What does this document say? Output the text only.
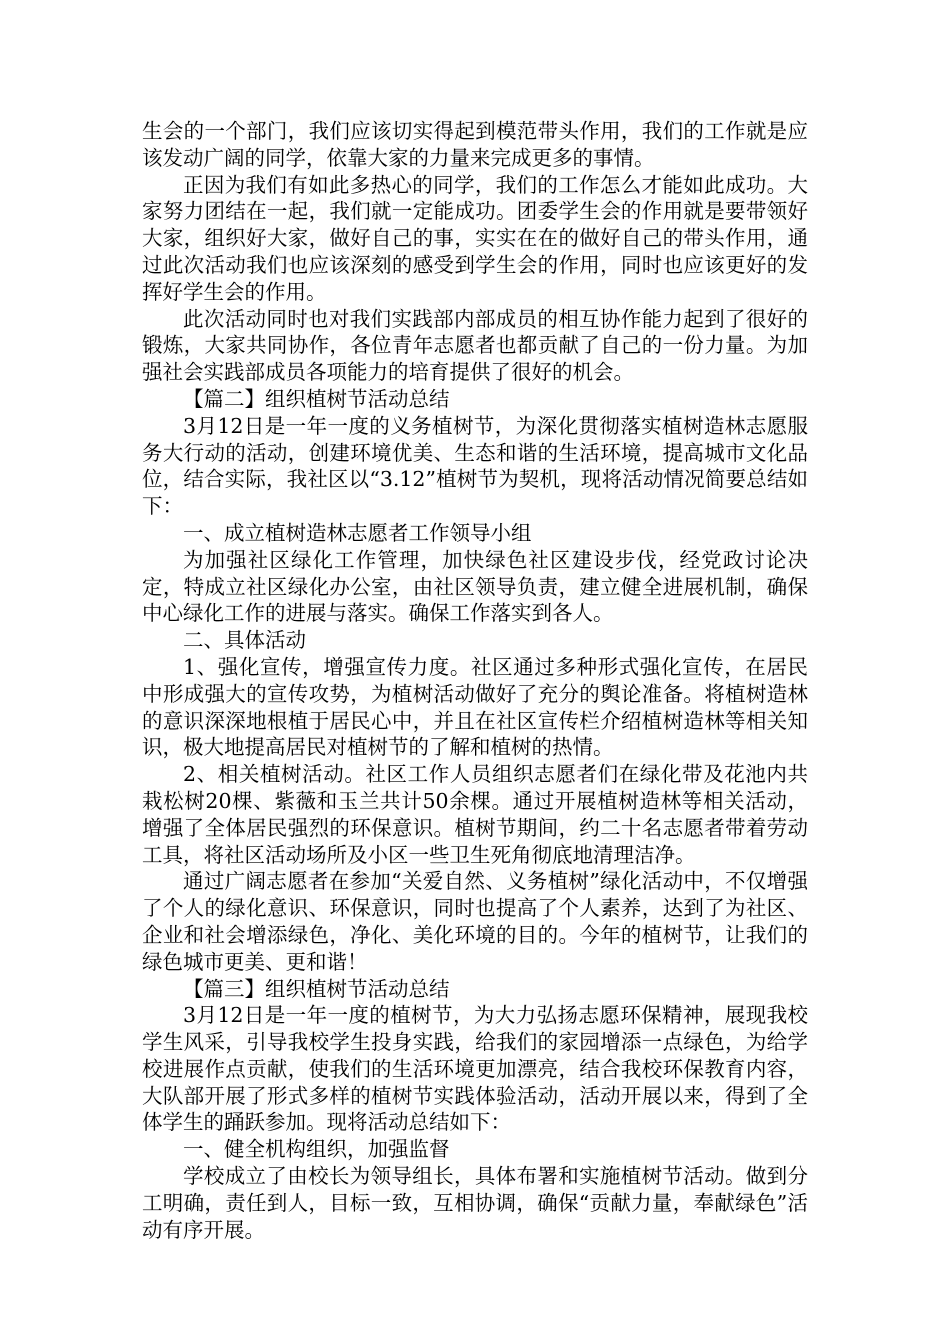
生会的一个部门，我们应该切实得起到模范带头作用，我们的工作就是应该发动广阔的同学，依靠大家的力量来完成更多的事情。

正因为我们有如此多热心的同学，我们的工作怎么才能如此成功。大家努力团结在一起，我们就一定能成功。团委学生会的作用就是要带领好大家，组织好大家，做好自己的事，实实在在的做好自己的带头作用，通过此次活动我们也应该深刻的感受到学生会的作用，同时也应该更好的发挥好学生会的作用。

此次活动同时也对我们实践部内部成员的相互协作能力起到了很好的锻炼，大家共同协作，各位青年志愿者也都贡献了自己的一份力量。为加强社会实践部成员各项能力的培育提供了很好的机会。

【篇二】组织植树节活动总结

3月12日是一年一度的义务植树节，为深化贯彻落实植树造林志愿服务大行动的活动，创建环境优美、生态和谐的生活环境，提高城市文化品位，结合实际，我社区以“3.12”植树节为契机，现将活动情况简要总结如下：

一、成立植树造林志愿者工作领导小组

为加强社区绿化工作管理，加快绿色社区建设步伐，经党政讨论决定，特成立社区绿化办公室，由社区领导负责，建立健全进展机制，确保中心绿化工作的进展与落实。确保工作落实到各人。

二、具体活动

1、强化宣传，增强宣传力度。社区通过多种形式强化宣传，在居民中形成强大的宣传攻势，为植树活动做好了充分的舆论准备。将植树造林的意识深深地根植于居民心中，并且在社区宣传栏介绍植树造林等相关知识，极大地提高居民对植树节的了解和植树的热情。

2、相关植树活动。社区工作人员组织志愿者们在绿化带及花池内共栽松树20棵、紫薇和玉兰共计50余棵。通过开展植树造林等相关活动，增强了全体居民强烈的环保意识。植树节期间，约二十名志愿者带着劳动工具，将社区活动场所及小区一些卫生死角彻底地清理洁净。

通过广阔志愿者在参加“关爱自然、义务植树”绿化活动中，不仅增强了个人的绿化意识、环保意识，同时也提高了个人素养，达到了为社区、企业和社会增添绿色，净化、美化环境的目的。今年的植树节，让我们的绿色城市更美、更和谐！

【篇三】组织植树节活动总结

3月12日是一年一度的植树节，为大力弘扬志愿环保精神，展现我校学生风采，引导我校学生投身实践，给我们的家园增添一点绿色，为给学校进展作点贡献，使我们的生活环境更加漂亮，结合我校环保教育内容，大队部开展了形式多样的植树节实践体验活动，活动开展以来，得到了全体学生的踊跃参加。现将活动总结如下：

一、健全机构组织，加强监督

学校成立了由校长为领导组长，具体布署和实施植树节活动。做到分工明确，责任到人，目标一致，互相协调，确保“贡献力量，奉献绿色”活动有序开展。
